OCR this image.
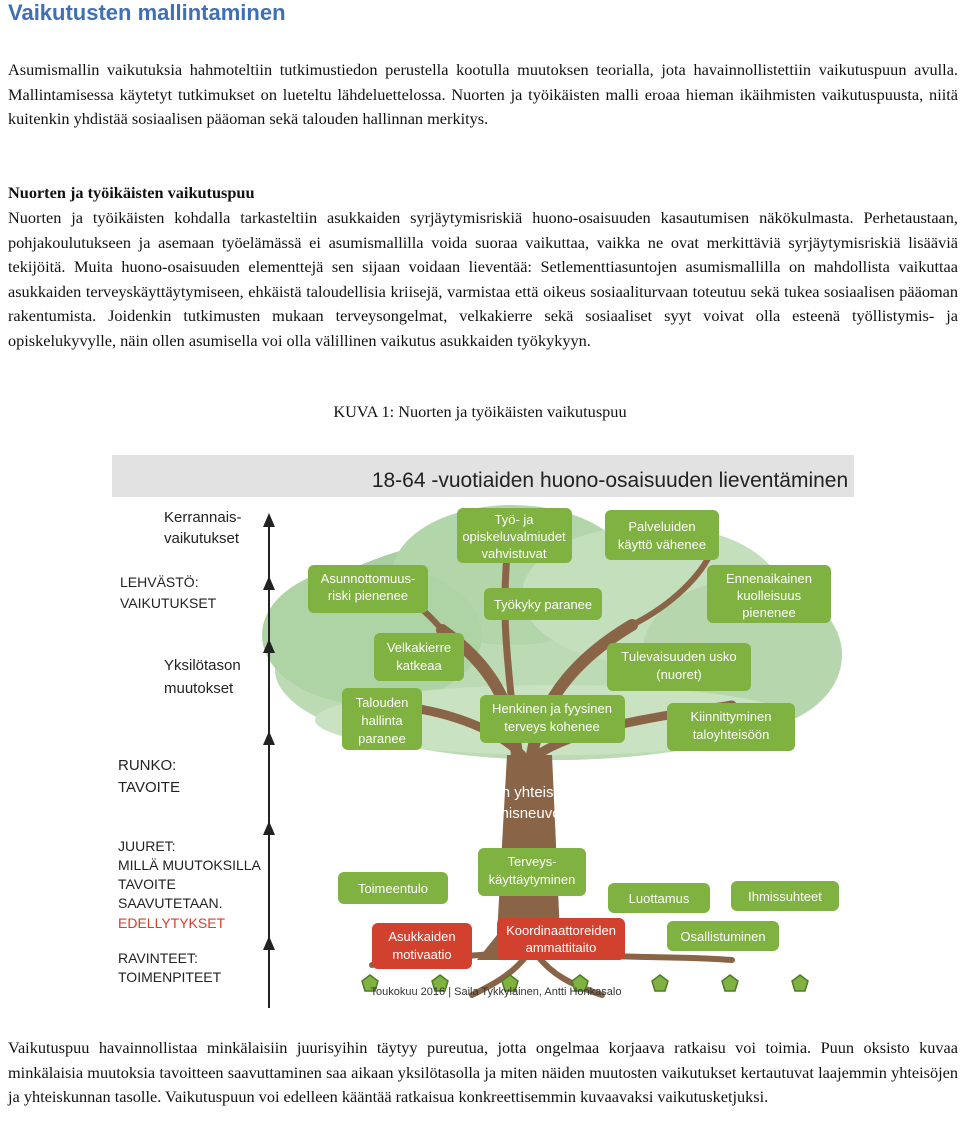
Vaikutusten mallintaminen

Asumismallin vaikutuksia hahmoteltiin tutkimustiedon perustella kootulla muutoksen teorialla, jota havainnollistettiin vaikutuspuun avulla. Mallintamisessa käytetyt tutkimukset on lueteltu lähdeluettelossa. Nuorten ja työikäisten malli eroaa hieman ikäihmisten vaikutuspuusta, niitä kuitenkin yhdistää sosiaalisen pääoman sekä talouden hallinnan merkitys.

Nuorten ja työikäisten vaikutuspuu

Nuorten ja työikäisten kohdalla tarkasteltiin asukkaiden syrjäytymisriskiä huono-osaisuuden kasautumisen näkökulmasta. Perhetaustaan, pohjakoulutukseen ja asemaan työelämässä ei asumismallilla voida suoraa vaikuttaa, vaikka ne ovat merkittäviä syrjäytymisriskiä lisääviä tekijöitä. Muita huono-osaisuuden elementtejä sen sijaan voidaan lieventää: Setlementtiasuntojen asumismallilla on mahdollista vaikuttaa asukkaiden terveyskäyttäytymiseen, ehkäistä taloudellisia kriisejä, varmistaa että oikeus sosiaaliturvaan toteutuu sekä tukea sosiaalisen pääoman rakentumista. Joidenkin tutkimusten mukaan terveysongelmat, velkakierre sekä sosiaaliset syyt voivat olla esteenä työllistymis- ja opiskelukyvylle, näin ollen asumisella voi olla välillinen vaikutus asukkaiden työkykyyn.

KUVA 1: Nuorten ja työikäisten vaikutuspuu
18-64 -vuotiaiden huono-osaisuuden lieventäminen
Kerrannais-
vaikutukset
LEHVÄSTÖ:
VAIKUTUKSET
Yksilötason
muutokset
RUNKO:
TAVOITE
JUURET:
MILLÄ MUUTOKSILLA
TAVOITE
SAAVUTETAAN.
EDELLYTYKSET
RAVINTEET:
TOIMENPITEET
Työ- ja
opiskeluvalmiudet
vahvistuvat
Palveluiden
käyttö vähenee
Asunnottomuus-
riski pienenee
Työkyky paranee
Ennenaikainen
kuolleisuus
pienenee
Velkakierre
katkeaa
Tulevaisuuden usko
(nuoret)
Talouden
hallinta
paranee
Henkinen ja fyysinen
terveys kohenee
Kiinnittyminen
taloyhteisöön
Rakennetaan yhteisöä, annetaan
asumisneuvontaa
Terveys-
käyttäytyminen
Toimeentulo
Luottamus	Ihmissuhteet
Asukkaiden
motivaatio
Koordinaattoreiden
ammattitaito
Osallistuminen
Toukokuu 2016 | Saila Tykkyläinen, Antti Honkasalo

Vaikutuspuu havainnollistaa minkälaisiin juurisyihin täytyy pureutua, jotta ongelmaa korjaava ratkaisu voi toimia. Puun oksisto kuvaa minkälaisia muutoksia tavoitteen saavuttaminen saa aikaan yksilötasolla ja miten näiden muutosten vaikutukset kertautuvat laajemmin yhteisöjen ja yhteiskunnan tasolle. Vaikutuspuun voi edelleen kääntää ratkaisua konkreettisemmin kuvaavaksi vaikutusketjuksi.
